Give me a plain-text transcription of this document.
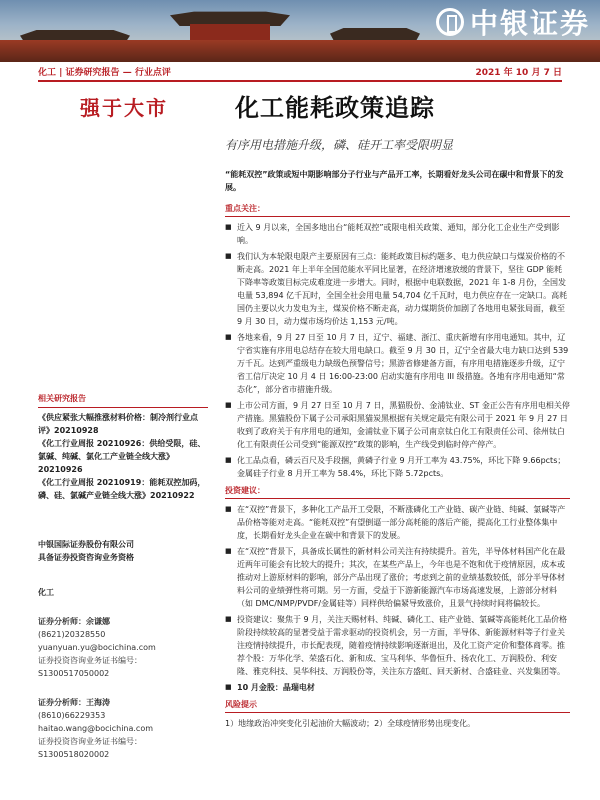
中银证券
化工 | 证券研究报告 — 行业点评	2021 年 10 月 7 日
强于大市	化工能耗政策追踪
有序用电措施升级，磷、硅开工率受限明显
“能耗双控”政策或短中期影响部分子行业与产品开工率，长期看好龙头公司在碳中和背景下的发展。
重点关注：
■ 近入 9 月以来，全国多地出台“能耗双控”或限电相关政策、通知，部分化工企业生产受到影响。
■ 我们认为本轮限电限产主要原因有三点：能耗政策目标约题多、电力供应缺口与煤炭价格的不断走高。2021 年上半年全国范能水平同比显著，在经济增速放缓的背景下，坚往 GDP 能耗下降率等政策目标完成难度进一步增大。同时，根据中电联数据，2021 年 1-8 月份，全国发电量 53,894 亿千瓦时，全国全社会用电量 54,704 亿千瓦时，电力供应存在一定缺口。高耗国仍主要以火力发电为主，煤炭价格不断走高，动力煤期货价加剧了各地用电紧张局面，截至 9 月 30 日，动力煤市场均价达 1,153 元/吨。
■ 各地来看，9 月 27 日至 10 月 7 日，辽宁、福建、浙江、重庆新增有序用电通知。其中，辽宁省实施有序用电总结存在较大用电缺口。截至 9 月 30 日，辽宁全省最大电力缺口达到 539 万千瓦。达到严重级电力缺级色预警信号；黑游省修建备方面，有序用电措施逐步升级，辽宁省工信厅决定 10 月 4 日 16:00-23:00 启动实施有序用电 III 级措施。各地有序用电通知“常态化”，部分省市措施升级。
■ 上市公司方面，9 月 27 日至 10 月 7 日，黑猫股份、金浦钛业、ST 金正公告有序用电相关停产措施。黑猫股份下属子公司承阳黑猫炭黑根据有关规定最完有限公司于 2021 年 9 月 27 日收到了政府关于有序用电的通知，金浦钛业下属子公司南京钛白化工有限责任公司、徐州钛白化工有限责任公司受到“能源双控”政策的影响，生产线受到临时停产停产。
■ 化工品点看，磷云百尺及手段捆，黄磷子行业 9 月开工率为 43.75%，环比下降 9.66pcts；金属硅子行业 8 月开工率为 58.4%，环比下降 5.72pcts。
投资建议：
■ 在“双控”背景下，多种化工产品开工受限，不断涨磷化工产业链、碳产业链、纯碱、氯碱等产品价格等能对走高。“能耗双控”有望倒逼一部分高耗能的落后产能，提高化工行业整体集中度，长期看好龙头企业在碳中和背景下的发展。
■ 在“双控”背景下，具备成长属性的新材料公司关注有持续提升。首先，半导体材料国产化在最近两年可能会有比较大的提升；其次，在某些产品上，今年也是不饱和优于疫情原因，成本或推动对上游原材料的影响，部分产品出现了涨价；考虑到之前的业绩基数较低，部分半导体材料公司的业绩弹性将可期。另一方面，受益于下游新能源汽车市场高速发展，上游部分材料（如 DMC/NMP/PVDF/金属硅等）同样供给偏紧导致涨价，且景气持续时间将偏较长。
■ 投资建议：聚焦于 9 月，关注天赐材料、纯碱、磷化工、硅产业链、氯碱等高能耗化工品价格阶段持续较高的显著受益于需求驱动的投资机会，另一方面，半导体、新能源材料等子行业关注疫情持续提升，市长配表现，随着疫情持续影响逐渐退出，及化工资产定价和整体商零。推荐个股：万华化学、荣盛石化、新和成、宝马利华、华鲁恒升、扬农化工、万润股份、利安隆、雅克科技、昊华科技、万润股份等，关注东方盛虹、回天新材、合盛硅业、兴发集团等。
■ 10 月金股：晶瑞电材
风险提示
1）地缘政治冲突变化引起油价大幅波动；2）全球疫情形势出现变化。
相关研究报告
《供应紧张大幅推涨材料价格：制冷剂行业点评》20210928
《化工行业周报 20210926：供给受限，硅、氯碱、纯碱、氯化工产业链全线大涨》20210926
《化工行业周报 20210919：能耗双控加码，磷、硅、氯碱产业链全线大涨》20210922
中银国际证券股份有限公司
具备证券投资咨询业务资格
化工
证券分析师：余谦娜
(8621)20328550
yuanyuan.yu@bocichina.com
证券投资咨询业务证书编号：S1300517050002
证券分析师：王海涛
(8610)66229353
haitao.wang@bocichina.com
证券投资咨询业务证书编号：S1300518020002
